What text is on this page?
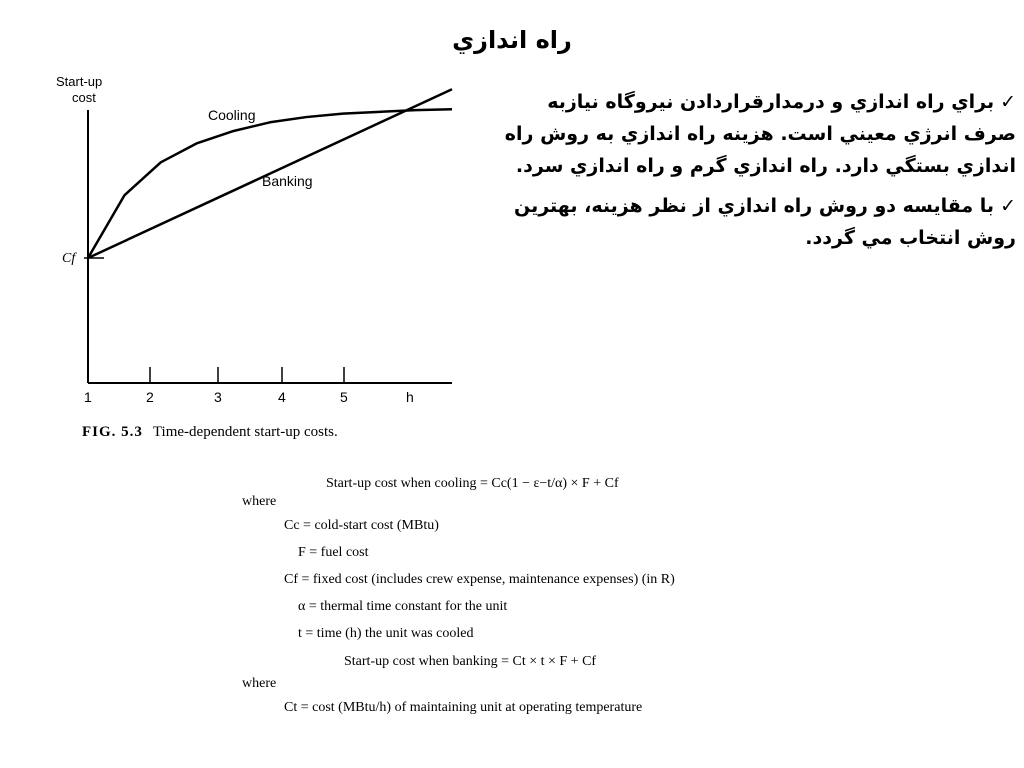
راه اندازي
✓براي راه اندازي و درمدارقراردادن نيروگاه نيازبه صرف انرژي معيني است. هزينه راه اندازي به روش راه اندازي بستگي دارد. راه اندازي گرم و راه اندازي سرد.
✓با مقايسه دو روش راه اندازي از نظر هزينه، بهترين روش انتخاب مي گردد.
Start-up
cost
Cf
h
1	2	3	4	5
Cooling
Banking
FIG. 5.3 Time-dependent start-up costs.
Start-up cost when cooling = Cc(1 − ε−t/α) × F + Cf
where
Cc = cold-start cost (MBtu)
F = fuel cost
Cf = fixed cost (includes crew expense, maintenance expenses) (in R)
α = thermal time constant for the unit
t = time (h) the unit was cooled
Start-up cost when banking = Ct × t × F + Cf
where
Ct = cost (MBtu/h) of maintaining unit at operating temperature
